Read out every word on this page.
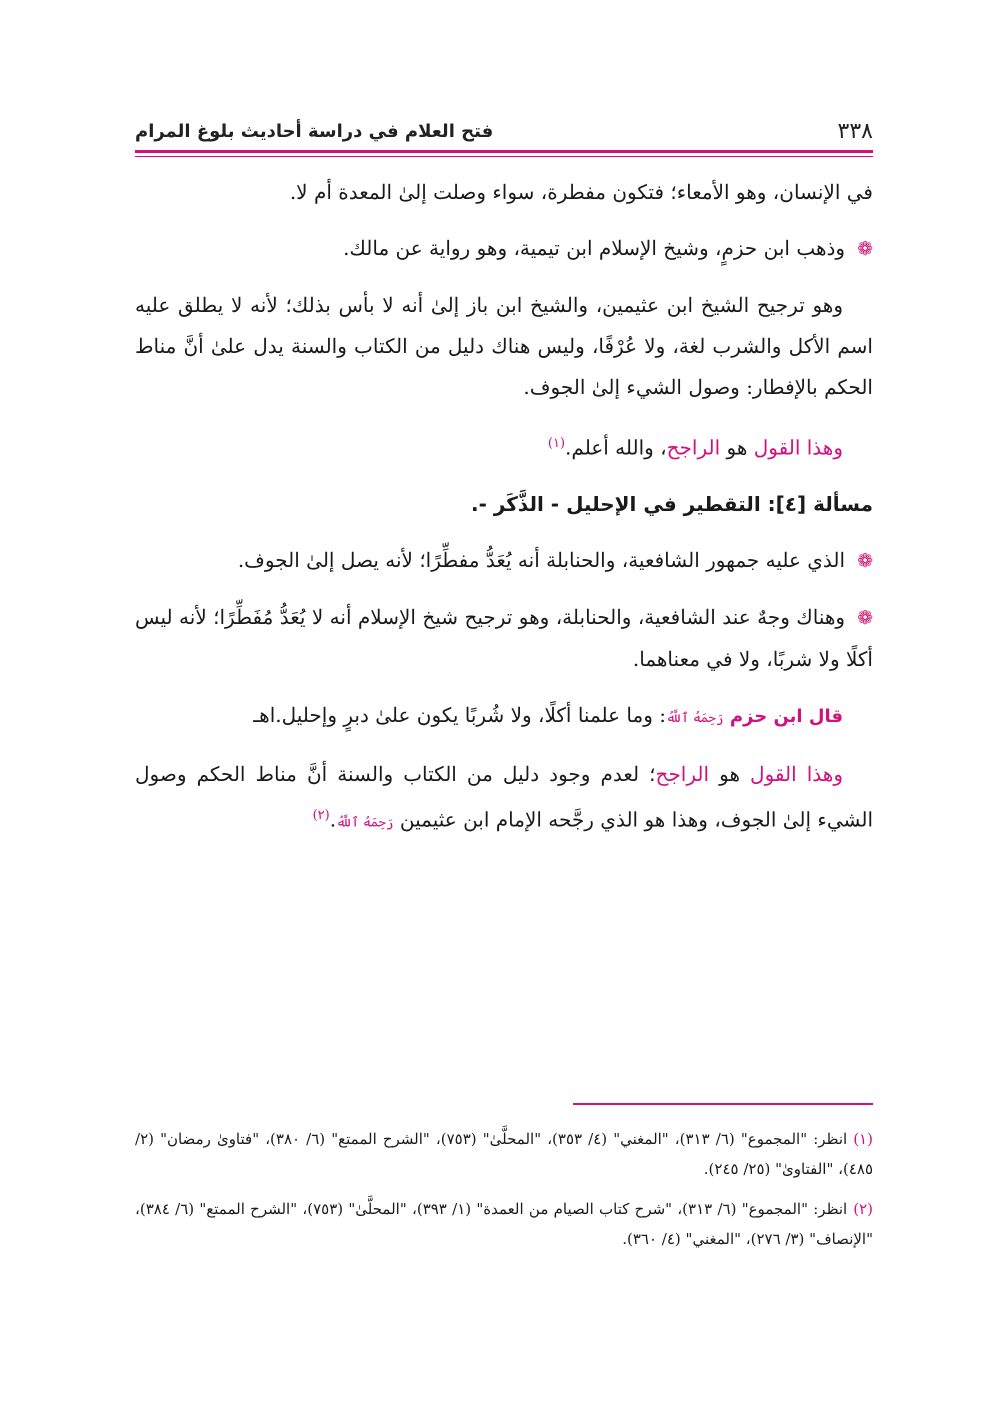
٣٣٨
فتح العلام في دراسة أحاديث بلوغ المرام

في الإنسان، وهو الأمعاء؛ فتكون مفطرة، سواء وصلت إلىٰ المعدة أم لا.

❁وذهب ابن حزمٍ، وشيخ الإسلام ابن تيمية، وهو رواية عن مالك.

وهو ترجيح الشيخ ابن عثيمين، والشيخ ابن باز إلىٰ أنه لا بأس بذلك؛ لأنه لا يطلق عليه اسم الأكل والشرب لغة، ولا عُرْفًا، وليس هناك دليل من الكتاب والسنة يدل علىٰ أنَّ مناط الحكم بالإفطار: وصول الشيء إلىٰ الجوف.

وهذا القول هو الراجح، والله أعلم.$^{(١)}$

مسألة [٤]: التقطير في الإحليل - الذَّكَر -.

❁الذي عليه جمهور الشافعية، والحنابلة أنه يُعَدُّ مفطِّرًا؛ لأنه يصل إلىٰ الجوف.

❁وهناك وجهٌ عند الشافعية، والحنابلة، وهو ترجيح شيخ الإسلام أنه لا يُعَدُّ مُفَطِّرًا؛ لأنه ليس أكلًا ولا شربًا، ولا في معناهما.

قال ابن حزم رَحِمَهُ ٱللَّهُ: وما علمنا أكلًا، ولا شُربًا يكون علىٰ دبرٍ وإحليل.اهـ

وهذا القول هو الراجح؛ لعدم وجود دليل من الكتاب والسنة أنَّ مناط الحكم وصول الشيء إلىٰ الجوف، وهذا هو الذي رجَّحه الإمام ابن عثيمين رَحِمَهُ ٱللَّهُ.$^{(٢)}$

(١)انظر: "المجموع" (٦/ ٣١٣)، "المغني" (٤/ ٣٥٣)، "المحلَّىٰ" (٧٥٣)، "الشرح الممتع" (٦/ ٣٨٠)، "فتاوىٰ رمضان" (٢/ ٤٨٥)، "الفتاوىٰ" (٢٥/ ٢٤٥).

(٢)انظر: "المجموع" (٦/ ٣١٣)، "شرح كتاب الصيام من العمدة" (١/ ٣٩٣)، "المحلَّىٰ" (٧٥٣)، "الشرح الممتع" (٦/ ٣٨٤)، "الإنصاف" (٣/ ٢٧٦)، "المغني" (٤/ ٣٦٠).
